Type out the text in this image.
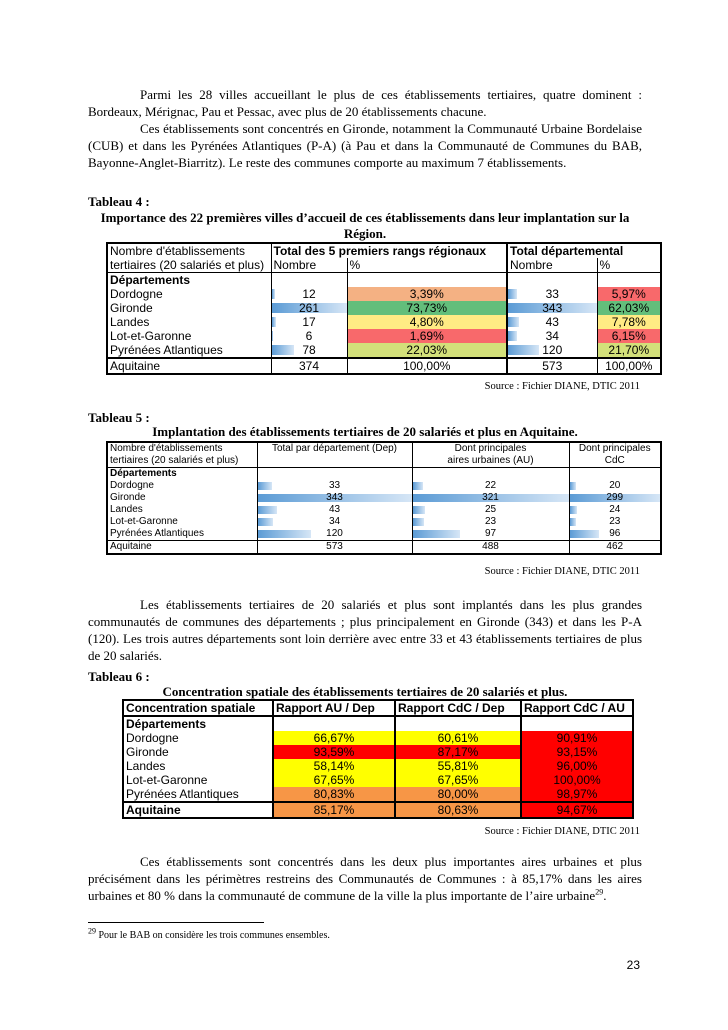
Parmi les 28 villes accueillant le plus de ces établissements tertiaires, quatre dominent : Bordeaux, Mérignac, Pau et Pessac, avec plus de 20 établissements chacune.
Ces établissements sont concentrés en Gironde, notamment la Communauté Urbaine Bordelaise (CUB) et dans les Pyrénées Atlantiques (P-A) (à Pau et dans la Communauté de Communes du BAB, Bayonne-Anglet-Biarritz). Le reste des communes comporte au maximum 7 établissements.
Tableau 4 :
Importance des 22 premières villes d’accueil de ces établissements dans leur implantation sur la Région.
Nombre d'établissements	Total des 5 premiers rangs régionaux		Total départemental	
tertiaires (20 salariés et plus)	Nombre	%	Nombre	%
Départements				
Dordogne	12	3,39%	33	5,97%
Gironde	261	73,73%	343	62,03%
Landes	17	4,80%	43	7,78%
Lot-et-Garonne	6	1,69%	34	6,15%
Pyrénées Atlantiques	78	22,03%	120	21,70%
Aquitaine	374	100,00%	573	100,00%
Source : Fichier DIANE, DTIC 2011
Tableau 5 :
Implantation des établissements tertiaires de 20 salariés et plus en Aquitaine.
Nombre d'établissements	Total par département (Dep)	Dont principales	Dont principales
tertiaires (20 salariés et plus)		aires urbaines (AU)	CdC
Départements			
Dordogne	33	22	20

Gironde	343	321	299

Landes	43	25	24

Lot-et-Garonne	34	23	23

Pyrénées Atlantiques	120	97	96

Aquitaine	573	488	462
Source : Fichier DIANE, DTIC 2011
Les établissements tertiaires de 20 salariés et plus sont implantés dans les plus grandes communautés de communes des départements ; plus principalement en Gironde (343) et dans les P-A (120). Les trois autres départements sont loin derrière avec entre 33 et 43 établissements tertiaires de plus de 20 salariés.
Tableau 6 :
Concentration spatiale des établissements tertiaires de 20 salariés et plus.
Concentration spatiale	Rapport AU / Dep	Rapport CdC / Dep	Rapport CdC / AU
Départements			
Dordogne	66,67%	60,61%	90,91%
Gironde	93,59%	87,17%	93,15%
Landes	58,14%	55,81%	96,00%
Lot-et-Garonne	67,65%	67,65%	100,00%
Pyrénées Atlantiques	80,83%	80,00%	98,97%
Aquitaine	85,17%	80,63%	94,67%
Source : Fichier DIANE, DTIC 2011
Ces établissements sont concentrés dans les deux plus importantes aires urbaines et plus précisément dans les périmètres restreins des Communautés de Communes : à 85,17% dans les aires urbaines et 80 % dans la communauté de commune de la ville la plus importante de l’aire urbaine$^{29}$.
$^{29}$ Pour le BAB on considère les trois communes ensembles.
23
